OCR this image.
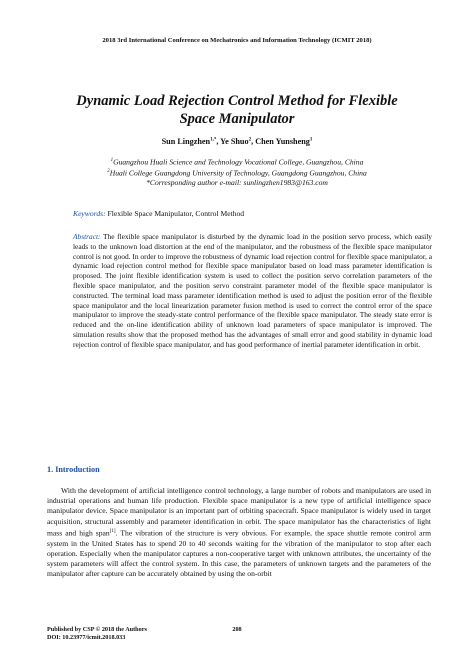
2018 3rd International Conference on Mechatronics and Information Technology (ICMIT 2018)
Dynamic Load Rejection Control Method for Flexible
Space Manipulator
Sun Lingzhen$^{1,*}$, Ye Shuo$^2$, Chen Yunsheng$^1$
$^1$Guangzhou Huali Science and Technology Vocational College, Guangzhou, China
$^2$Huali College Guangdong University of Technology, Guangdong Guangzhou, China
*Corresponding author e-mail: sunlingzhen1983@163.com
Keywords: Flexible Space Manipulator, Control Method
Abstract: The flexible space manipulator is disturbed by the dynamic load in the position servo process, which easily leads to the unknown load distortion at the end of the manipulator, and the robustness of the flexible space manipulator control is not good. In order to improve the robustness of dynamic load rejection control for flexible space manipulator, a dynamic load rejection control method for flexible space manipulator based on load mass parameter identification is proposed. The joint flexible identification system is used to collect the position servo correlation parameters of the flexible space manipulator, and the position servo constraint parameter model of the flexible space manipulator is constructed. The terminal load mass parameter identification method is used to adjust the position error of the flexible space manipulator and the local linearization parameter fusion method is used to correct the control error of the space manipulator to improve the steady-state control performance of the flexible space manipulator. The steady state error is reduced and the on-line identification ability of unknown load parameters of space manipulator is improved. The simulation results show that the proposed method has the advantages of small error and good stability in dynamic load rejection control of flexible space manipulator, and has good performance of inertial parameter identification in orbit.
1. Introduction
With the development of artificial intelligence control technology, a large number of robots and manipulators are used in industrial operations and human life production. Flexible space manipulator is a new type of artificial intelligence space manipulator device. Space manipulator is an important part of orbiting spacecraft. Space manipulator is widely used in target acquisition, structural assembly and parameter identification in orbit. The space manipulator has the characteristics of light mass and high span[1]. The vibration of the structure is very obvious. For example, the space shuttle remote control arm system in the United States has to spend 20 to 40 seconds waiting for the vibration of the manipulator to stop after each operation. Especially when the manipulator captures a non-cooperative target with unknown attributes, the uncertainty of the system parameters will affect the control system. In this case, the parameters of unknown targets and the parameters of the manipulator after capture can be accurately obtained by using the on-orbit
Published by CSP © 2018 the Authors
DOI: 10.23977/icmit.2018.033
208
